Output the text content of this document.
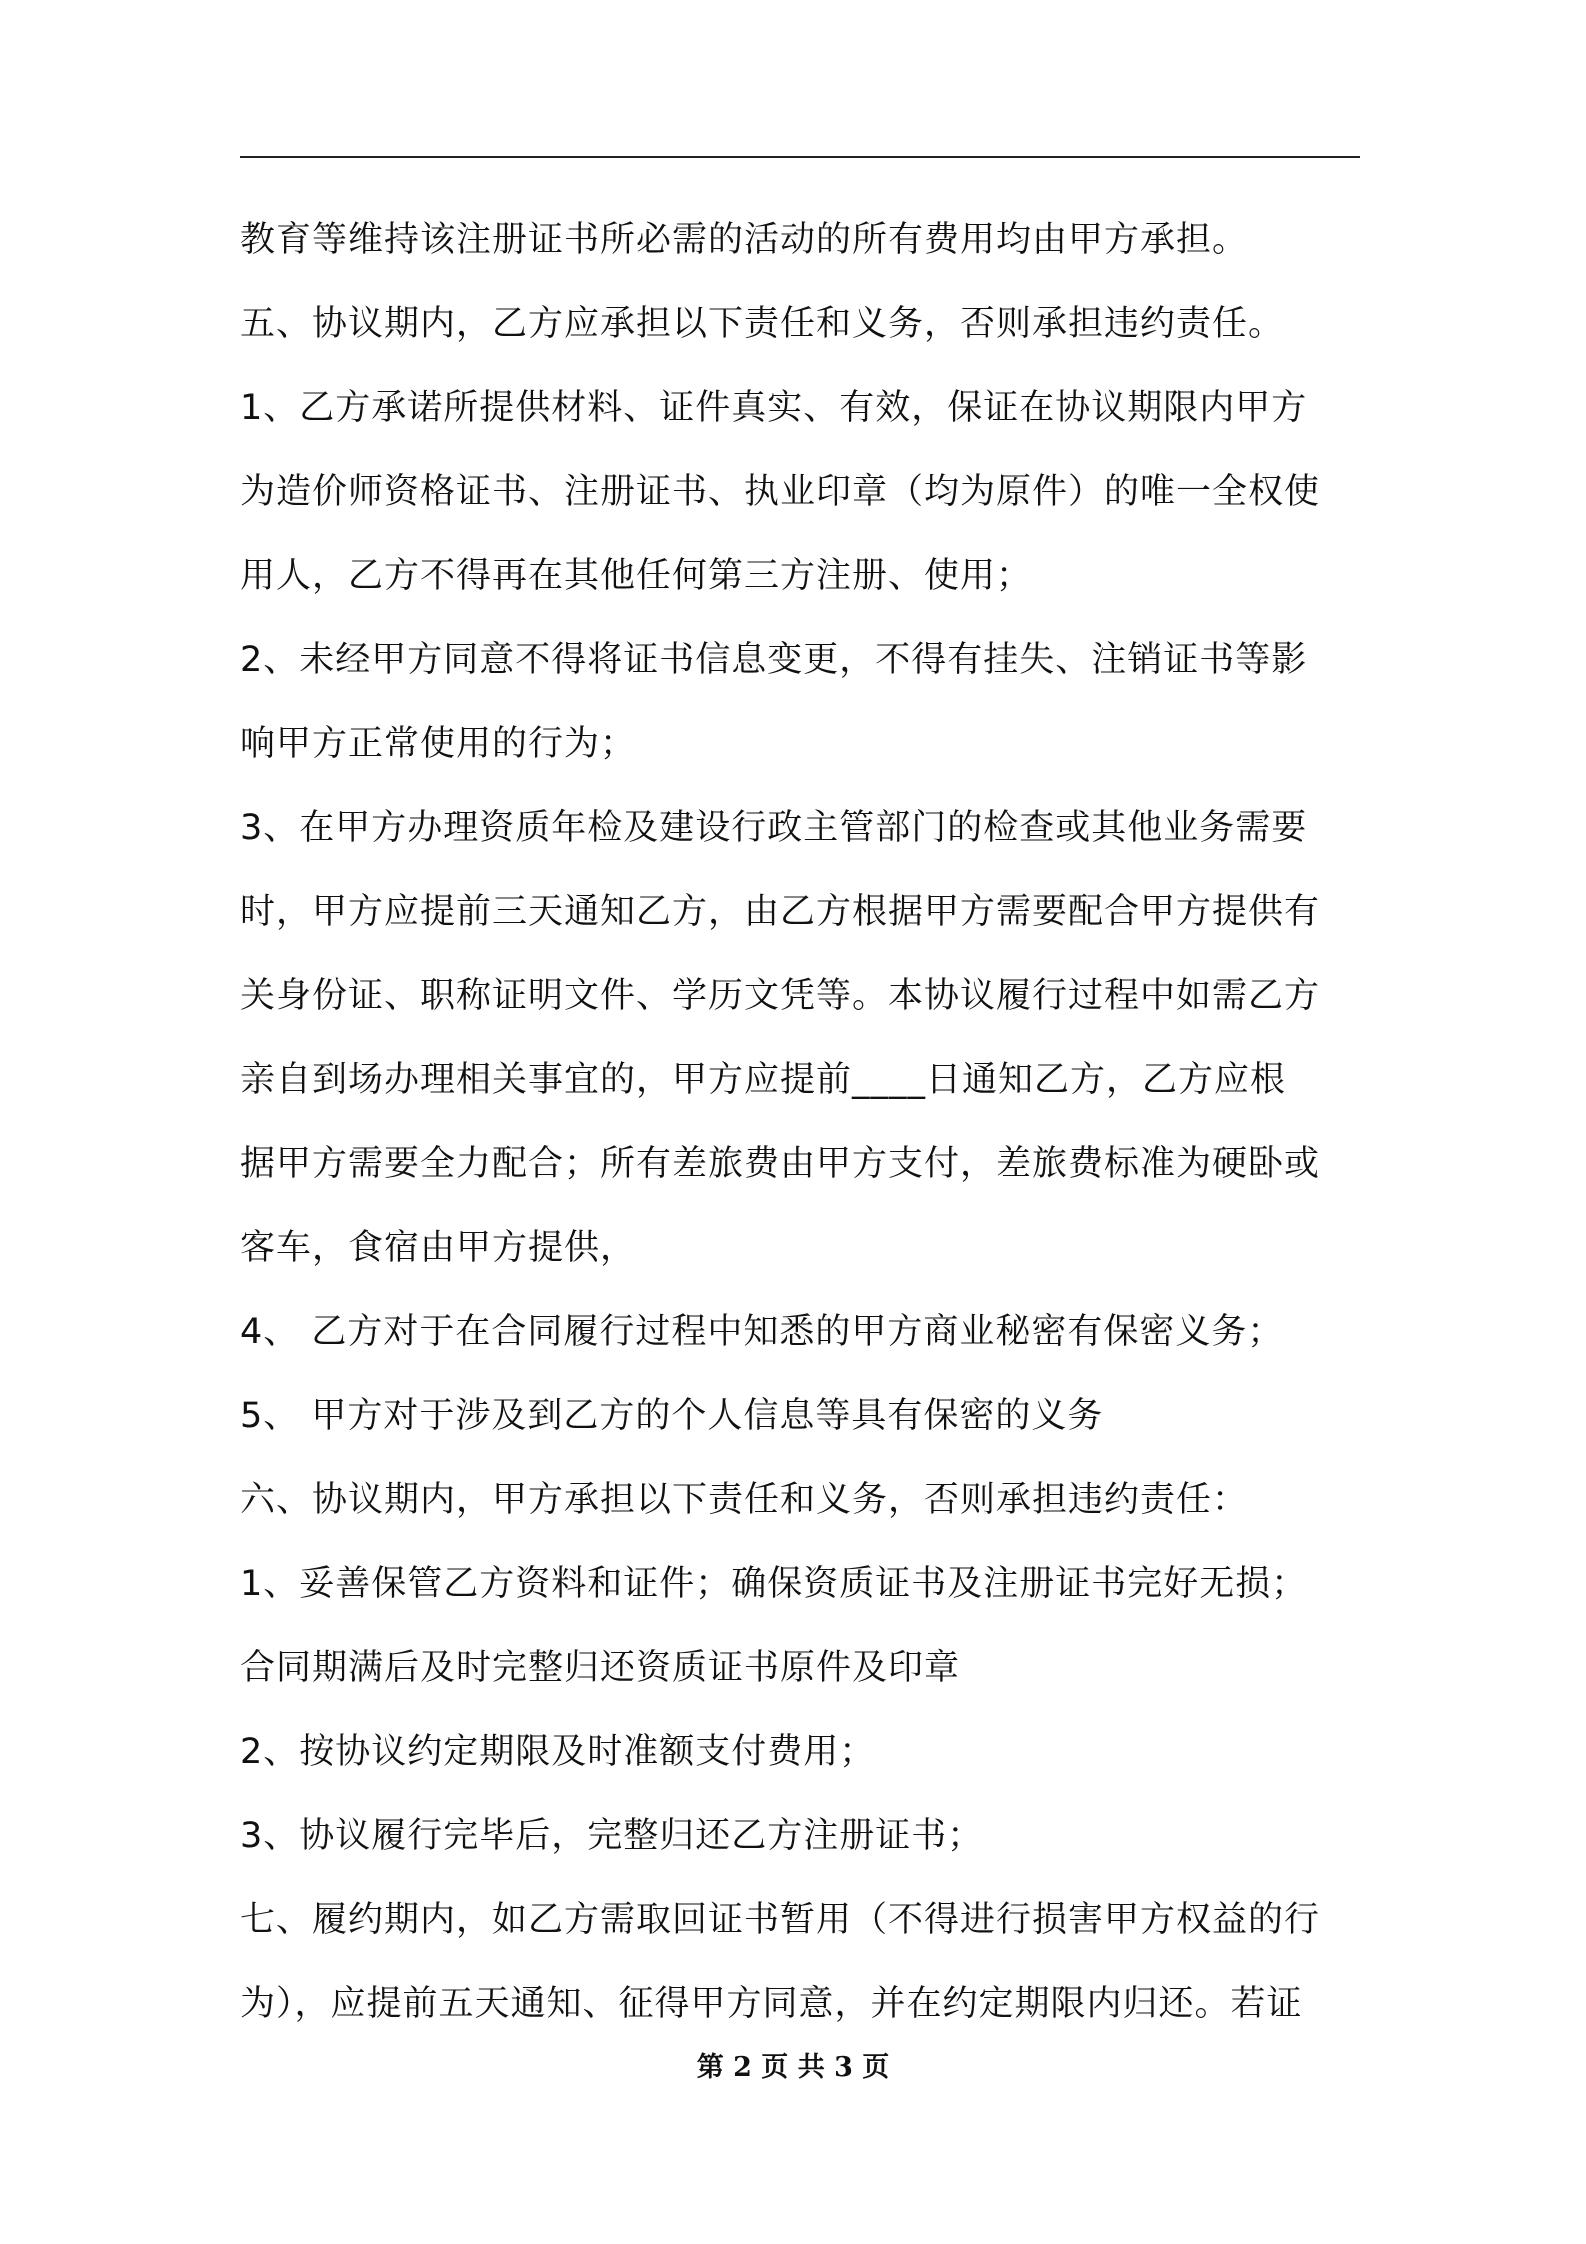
教育等维持该注册证书所必需的活动的所有费用均由甲方承担。
五、协议期内，乙方应承担以下责任和义务，否则承担违约责任。
1、乙方承诺所提供材料、证件真实、有效，保证在协议期限内甲方
为造价师资格证书、注册证书、执业印章（均为原件）的唯一全权使
用人，乙方不得再在其他任何第三方注册、使用；
2、未经甲方同意不得将证书信息变更，不得有挂失、注销证书等影
响甲方正常使用的行为；
3、在甲方办理资质年检及建设行政主管部门的检查或其他业务需要
时，甲方应提前三天通知乙方，由乙方根据甲方需要配合甲方提供有
关身份证、职称证明文件、学历文凭等。本协议履行过程中如需乙方
亲自到场办理相关事宜的，甲方应提前____日通知乙方，乙方应根
据甲方需要全力配合；所有差旅费由甲方支付，差旅费标准为硬卧或
客车，食宿由甲方提供，
4、 乙方对于在合同履行过程中知悉的甲方商业秘密有保密义务；
5、 甲方对于涉及到乙方的个人信息等具有保密的义务
六、协议期内，甲方承担以下责任和义务，否则承担违约责任：
1、妥善保管乙方资料和证件；确保资质证书及注册证书完好无损；
合同期满后及时完整归还资质证书原件及印章
2、按协议约定期限及时准额支付费用；
3、协议履行完毕后，完整归还乙方注册证书；
七、履约期内，如乙方需取回证书暂用（不得进行损害甲方权益的行
为），应提前五天通知、征得甲方同意，并在约定期限内归还。若证
第 2 页 共 3 页
